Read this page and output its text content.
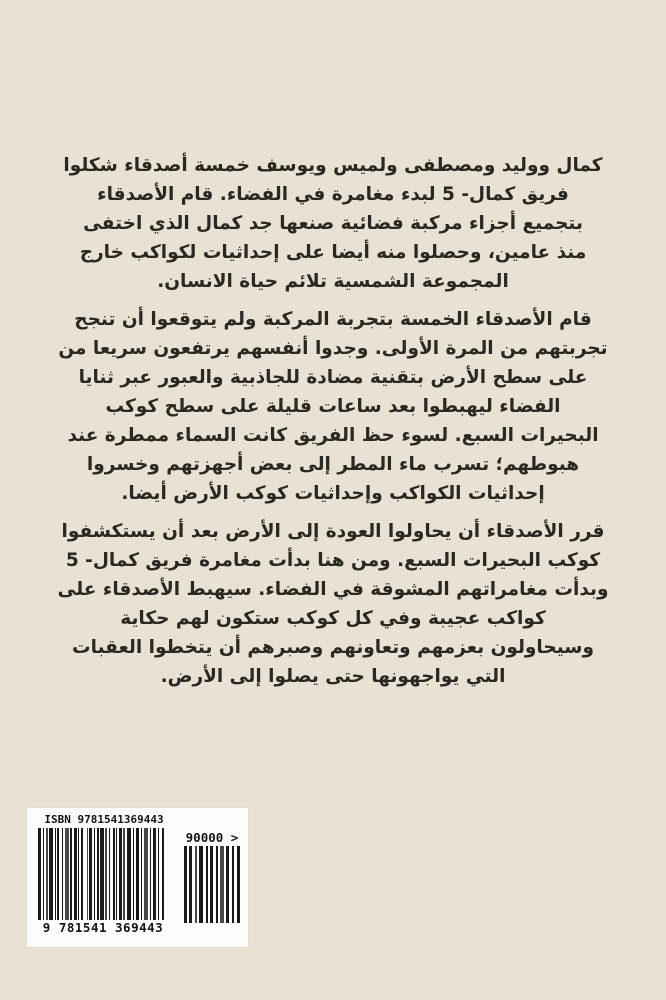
كمال ووليد ومصطفى ولميس ويوسف خمسة أصدقاء شكلوا
فريق كمال- 5 لبدء مغامرة في الفضاء. قام الأصدقاء
بتجميع أجزاء مركبة فضائية صنعها جد كمال الذي اختفى
منذ عامين، وحصلوا منه أيضا على إحداثيات لكواكب خارج
المجموعة الشمسية تلائم حياة الانسان.
قام الأصدقاء الخمسة بتجربة المركبة ولم يتوقعوا أن تنجح
تجربتهم من المرة الأولى. وجدوا أنفسهم يرتفعون سريعا من
على سطح الأرض بتقنية مضادة للجاذبية والعبور عبر ثنايا
الفضاء ليهبطوا بعد ساعات قليلة على سطح كوكب
البحيرات السبع. لسوء حظ الفريق كانت السماء ممطرة عند
هبوطهم؛ تسرب ماء المطر إلى بعض أجهزتهم وخسروا
إحداثيات الكواكب وإحداثيات كوكب الأرض أيضا.
قرر الأصدقاء أن يحاولوا العودة إلى الأرض بعد أن يستكشفوا
كوكب البحيرات السبع. ومن هنا بدأت مغامرة فريق كمال- 5
وبدأت مغامراتهم المشوقة في الفضاء. سيهبط الأصدقاء على
كواكب عجيبة وفي كل كوكب ستكون لهم حكاية
وسيحاولون بعزمهم وتعاونهم وصبرهم أن يتخطوا العقبات
التي يواجهونها حتى يصلوا إلى الأرض.
ISBN 9781541369443
9 781541 369443
90000 >
